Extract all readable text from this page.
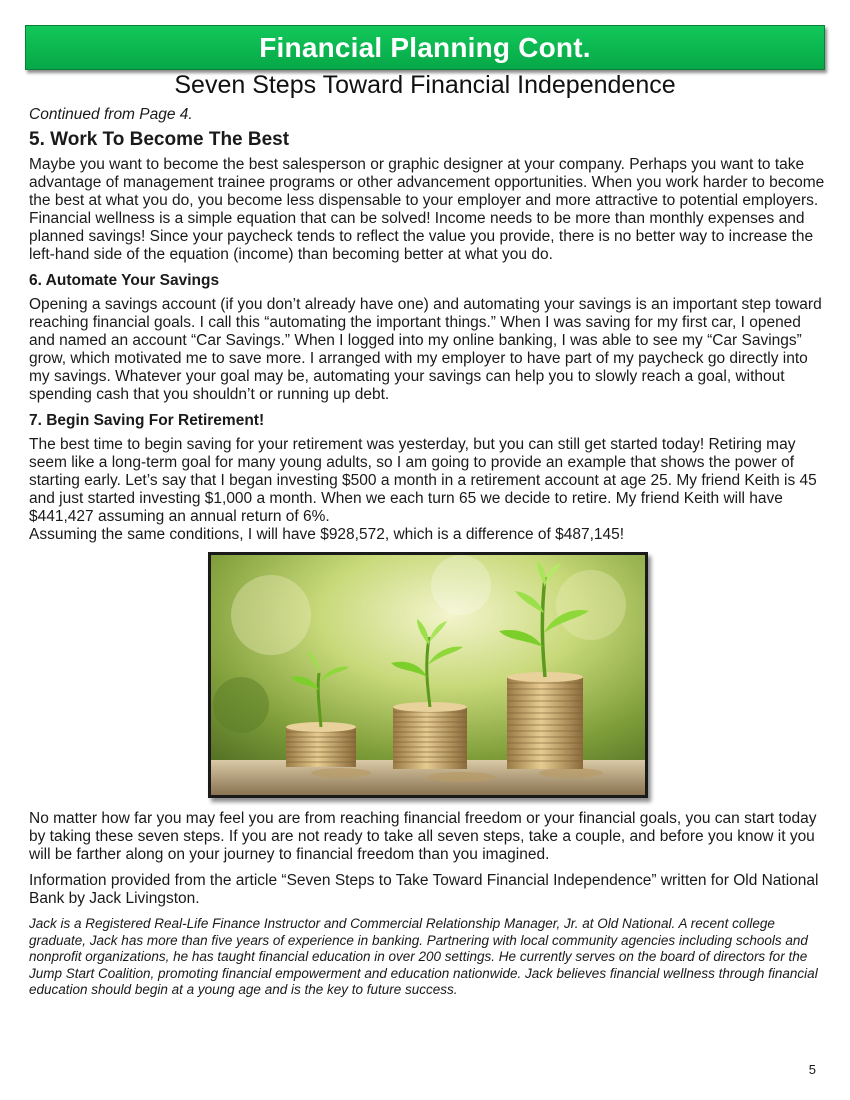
Financial Planning Cont.
Seven Steps Toward Financial Independence

Continued from Page 4.

5. Work To Become The Best

Maybe you want to become the best salesperson or graphic designer at your company. Perhaps you want to take advantage of management trainee programs or other advancement opportunities. When you work harder to become the best at what you do, you become less dispensable to your employer and more attractive to potential employers. Financial wellness is a simple equation that can be solved! Income needs to be more than monthly expenses and planned savings! Since your paycheck tends to reflect the value you provide, there is no better way to increase the left-hand side of the equation (income) than becoming better at what you do.

6. Automate Your Savings

Opening a savings account (if you don’t already have one) and automating your savings is an important step toward reaching financial goals. I call this “automating the important things.” When I was saving for my first car, I opened and named an account “Car Savings.” When I logged into my online banking, I was able to see my “Car Savings” grow, which motivated me to save more. I arranged with my employer to have part of my paycheck go directly into my savings. Whatever your goal may be, automating your savings can help you to slowly reach a goal, without spending cash that you shouldn’t or running up debt.

7. Begin Saving For Retirement!

The best time to begin saving for your retirement was yesterday, but you can still get started today! Retiring may seem like a long-term goal for many young adults, so I am going to provide an example that shows the power of starting early. Let’s say that I began investing $500 a month in a retirement account at age 25. My friend Keith is 45 and just started investing $1,000 a month. When we each turn 65 we decide to retire. My friend Keith will have $441,427 assuming an annual return of 6%.

Assuming the same conditions, I will have $928,572, which is a difference of $487,145!

No matter how far you may feel you are from reaching financial freedom or your financial goals, you can start today by taking these seven steps. If you are not ready to take all seven steps, take a couple, and before you know it you will be farther along on your journey to financial freedom than you imagined.

Information provided from the article “Seven Steps to Take Toward Financial Independence” written for Old National Bank by Jack Livingston.

Jack is a Registered Real-Life Finance Instructor and Commercial Relationship Manager, Jr. at Old National. A recent college graduate, Jack has more than five years of experience in banking. Partnering with local community agencies including schools and nonprofit organizations, he has taught financial education in over 200 settings. He currently serves on the board of directors for the Jump Start Coalition, promoting financial empowerment and education nationwide. Jack believes financial wellness through financial education should begin at a young age and is the key to future success.

5
